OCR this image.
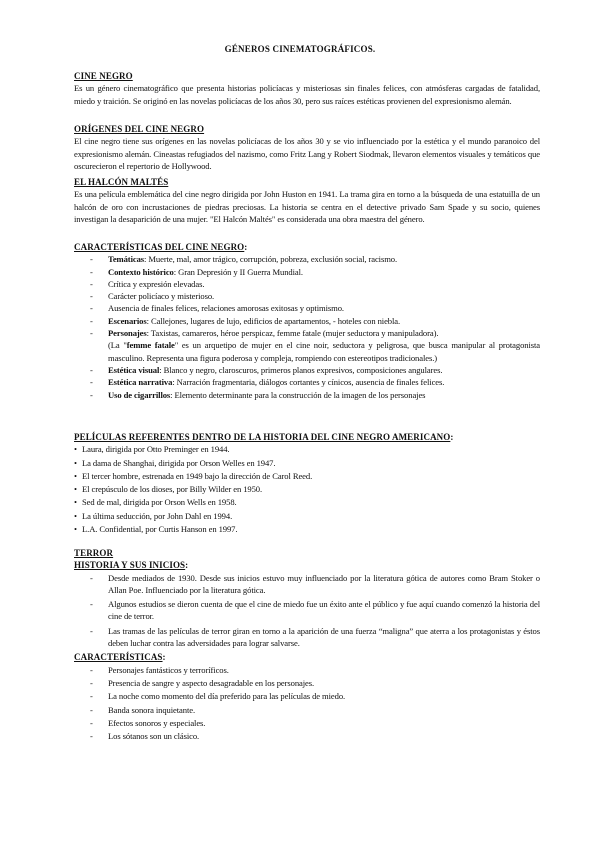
GÉNEROS CINEMATOGRÁFICOS.
CINE NEGRO
Es un género cinematográfico que presenta historias policíacas y misteriosas sin finales felices, con atmósferas cargadas de fatalidad, miedo y traición. Se originó en las novelas policíacas de los años 30, pero sus raíces estéticas provienen del expresionismo alemán.
ORÍGENES DEL CINE NEGRO
El cine negro tiene sus orígenes en las novelas policíacas de los años 30 y se vio influenciado por la estética y el mundo paranoico del expresionismo alemán. Cineastas refugiados del nazismo, como Fritz Lang y Robert Siodmak, llevaron elementos visuales y temáticos que oscurecieron el repertorio de Hollywood.
EL HALCÓN MALTÉS
Es una película emblemática del cine negro dirigida por John Huston en 1941. La trama gira en torno a la búsqueda de una estatuilla de un halcón de oro con incrustaciones de piedras preciosas. La historia se centra en el detective privado Sam Spade y su socio, quienes investigan la desaparición de una mujer. "El Halcón Maltés" es considerada una obra maestra del género.
CARACTERÍSTICAS DEL CINE NEGRO:
- Temáticas: Muerte, mal, amor trágico, corrupción, pobreza, exclusión social, racismo.
- Contexto histórico: Gran Depresión y II Guerra Mundial.
- Crítica y expresión elevadas.
- Carácter policíaco y misterioso.
- Ausencia de finales felices, relaciones amorosas exitosas y optimismo.
- Escenarios: Callejones, lugares de lujo, edificios de apartamentos, - hoteles con niebla.
- Personajes: Taxistas, camareros, héroe perspicaz, femme fatale (mujer seductora y manipuladora).
(La "femme fatale" es un arquetipo de mujer en el cine noir, seductora y peligrosa, que busca manipular al protagonista masculino. Representa una figura poderosa y compleja, rompiendo con estereotipos tradicionales.)
- Estética visual: Blanco y negro, claroscuros, primeros planos expresivos, composiciones angulares.
- Estética narrativa: Narración fragmentaria, diálogos cortantes y cínicos, ausencia de finales felices.
- Uso de cigarrillos: Elemento determinante para la construcción de la imagen de los personajes
PELÍCULAS REFERENTES DENTRO DE LA HISTORIA DEL CINE NEGRO AMERICANO:
• Laura, dirigida por Otto Preminger en 1944.
• La dama de Shanghai, dirigida por Orson Welles en 1947.
• El tercer hombre, estrenada en 1949 bajo la dirección de Carol Reed.
• El crepúsculo de los dioses, por Billy Wilder en 1950.
• Sed de mal, dirigida por Orson Wells en 1958.
• La última seducción, por John Dahl en 1994.
• L.A. Confidential, por Curtis Hanson en 1997.
TERROR
HISTORIA Y SUS INICIOS:
- Desde mediados de 1930. Desde sus inicios estuvo muy influenciado por la literatura gótica de autores como Bram Stoker o Allan Poe. Influenciado por la literatura gótica.
- Algunos estudios se dieron cuenta de que el cine de miedo fue un éxito ante el público y fue aquí cuando comenzó la historia del cine de terror.
- Las tramas de las películas de terror giran en torno a la aparición de una fuerza “maligna” que aterra a los protagonistas y éstos deben luchar contra las adversidades para lograr salvarse.
CARACTERÍSTICAS:
- Personajes fantásticos y terroríficos.
- Presencia de sangre y aspecto desagradable en los personajes.
- La noche como momento del día preferido para las películas de miedo.
- Banda sonora inquietante.
- Efectos sonoros y especiales.
- Los sótanos son un clásico.
